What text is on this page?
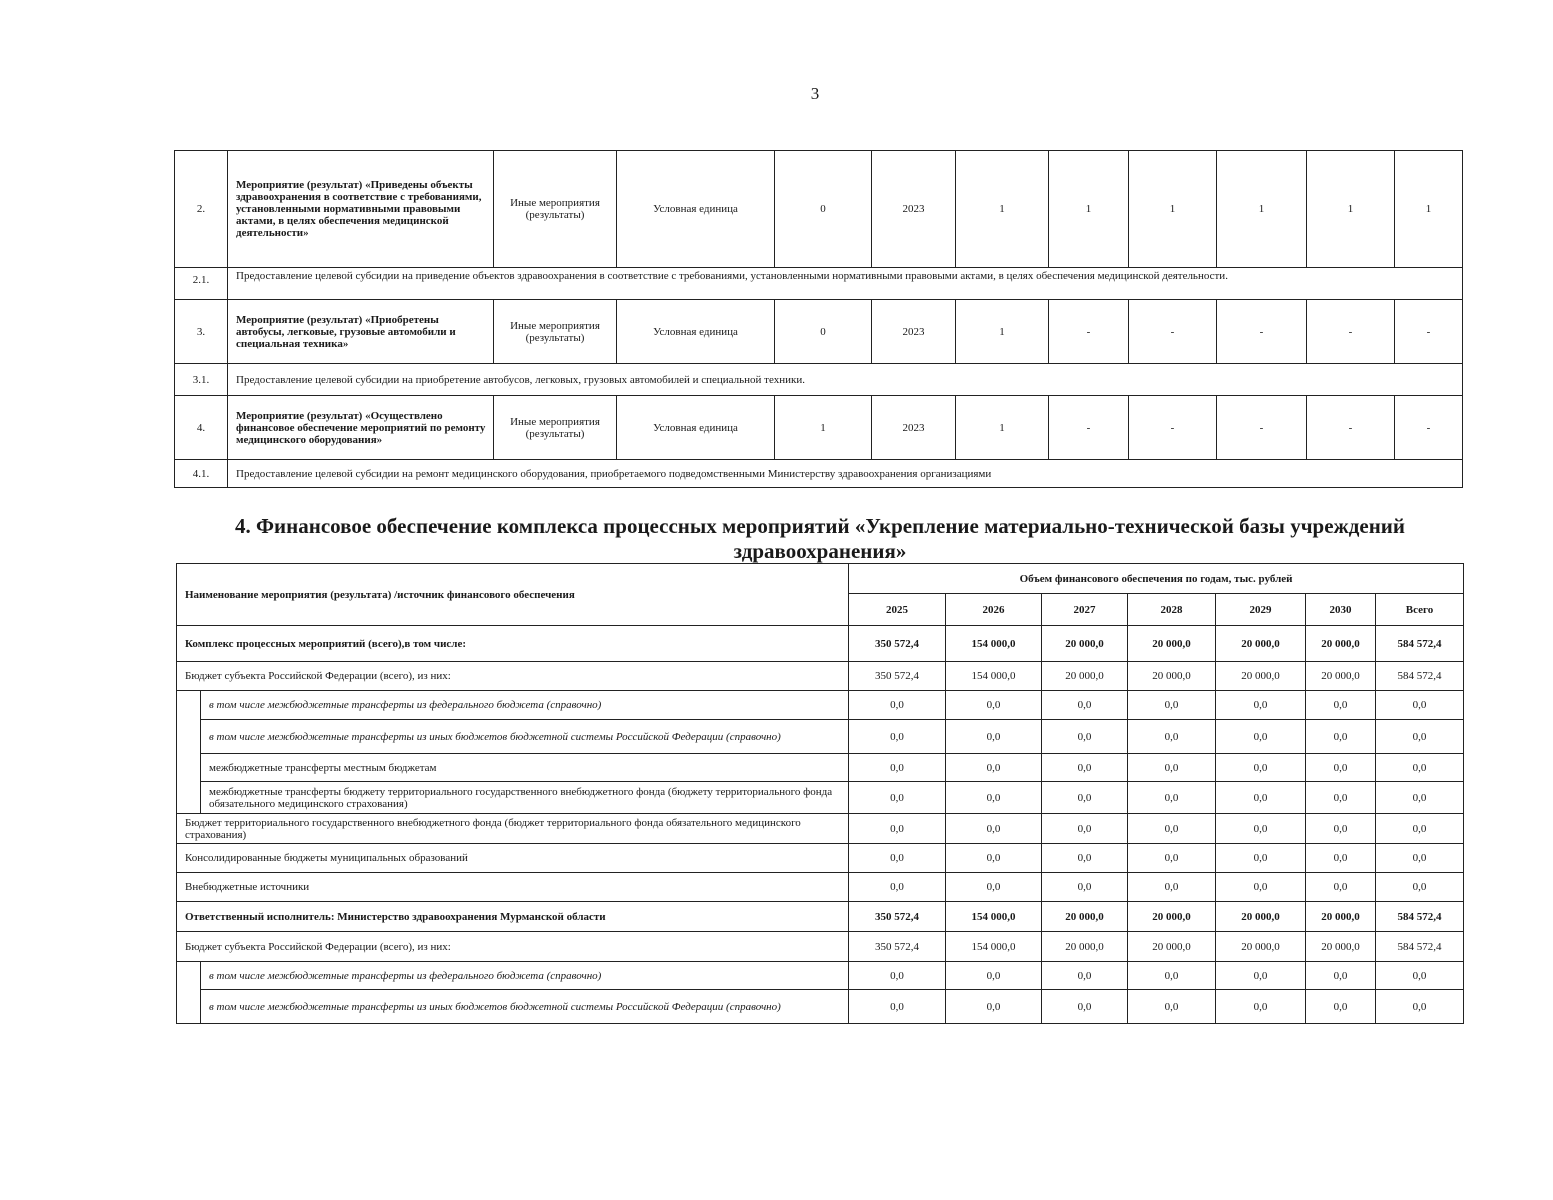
3
2.	Мероприятие (результат) «Приведены объекты здравоохранения в соответствие с требованиями, установленными нормативными правовыми актами, в целях обеспечения медицинской деятельности»	Иные мероприятия (результаты)	Условная единица	0	2023	1	1	1	1	1	1
2.1.	Предоставление целевой субсидии на приведение объектов здравоохранения в соответствие с требованиями, установленными нормативными правовыми актами, в целях обеспечения медицинской деятельности.										
3.	Мероприятие (результат) «Приобретены автобусы, легковые, грузовые автомобили и специальная техника»	Иные мероприятия (результаты)	Условная единица	0	2023	1	-	-	-	-	-
3.1.	Предоставление целевой субсидии на приобретение автобусов, легковых, грузовых автомобилей и специальной техники.										
4.	Мероприятие (результат) «Осуществлено финансовое обеспечение мероприятий по ремонту медицинского оборудования»	Иные мероприятия (результаты)	Условная единица	1	2023	1	-	-	-	-	-
4.1.	Предоставление целевой субсидии на ремонт медицинского оборудования, приобретаемого подведомственными Министерству здравоохранения организациями										
4. Финансовое обеспечение комплекса процессных мероприятий «Укрепление материально-технической базы учреждений здравоохранения»
Наименование мероприятия (результата) /источник финансового обеспечения		Объем финансового обеспечения по годам, тыс. рублей						
		2025	2026	2027	2028	2029	2030	Всего
Комплекс процессных мероприятий (всего),в том числе:		350 572,4	154 000,0	20 000,0	20 000,0	20 000,0	20 000,0	584 572,4
Бюджет субъекта Российской Федерации (всего), из них:		350 572,4	154 000,0	20 000,0	20 000,0	20 000,0	20 000,0	584 572,4
	в том числе межбюджетные трансферты из федерального бюджета (справочно)	0,0	0,0	0,0	0,0	0,0	0,0	0,0
	в том числе межбюджетные трансферты из иных бюджетов бюджетной системы Российской Федерации (справочно)	0,0	0,0	0,0	0,0	0,0	0,0	0,0
	межбюджетные трансферты местным бюджетам	0,0	0,0	0,0	0,0	0,0	0,0	0,0
	межбюджетные трансферты бюджету территориального государственного внебюджетного фонда (бюджету территориального фонда обязательного медицинского страхования)	0,0	0,0	0,0	0,0	0,0	0,0	0,0
Бюджет территориального государственного внебюджетного фонда (бюджет территориального фонда обязательного медицинского страхования)		0,0	0,0	0,0	0,0	0,0	0,0	0,0
Консолидированные бюджеты муниципальных образований		0,0	0,0	0,0	0,0	0,0	0,0	0,0
Внебюджетные источники		0,0	0,0	0,0	0,0	0,0	0,0	0,0
Ответственный исполнитель: Министерство здравоохранения Мурманской области		350 572,4	154 000,0	20 000,0	20 000,0	20 000,0	20 000,0	584 572,4
Бюджет субъекта Российской Федерации (всего), из них:		350 572,4	154 000,0	20 000,0	20 000,0	20 000,0	20 000,0	584 572,4
	в том числе межбюджетные трансферты из федерального бюджета (справочно)	0,0	0,0	0,0	0,0	0,0	0,0	0,0
	в том числе межбюджетные трансферты из иных бюджетов бюджетной системы Российской Федерации (справочно)	0,0	0,0	0,0	0,0	0,0	0,0	0,0
